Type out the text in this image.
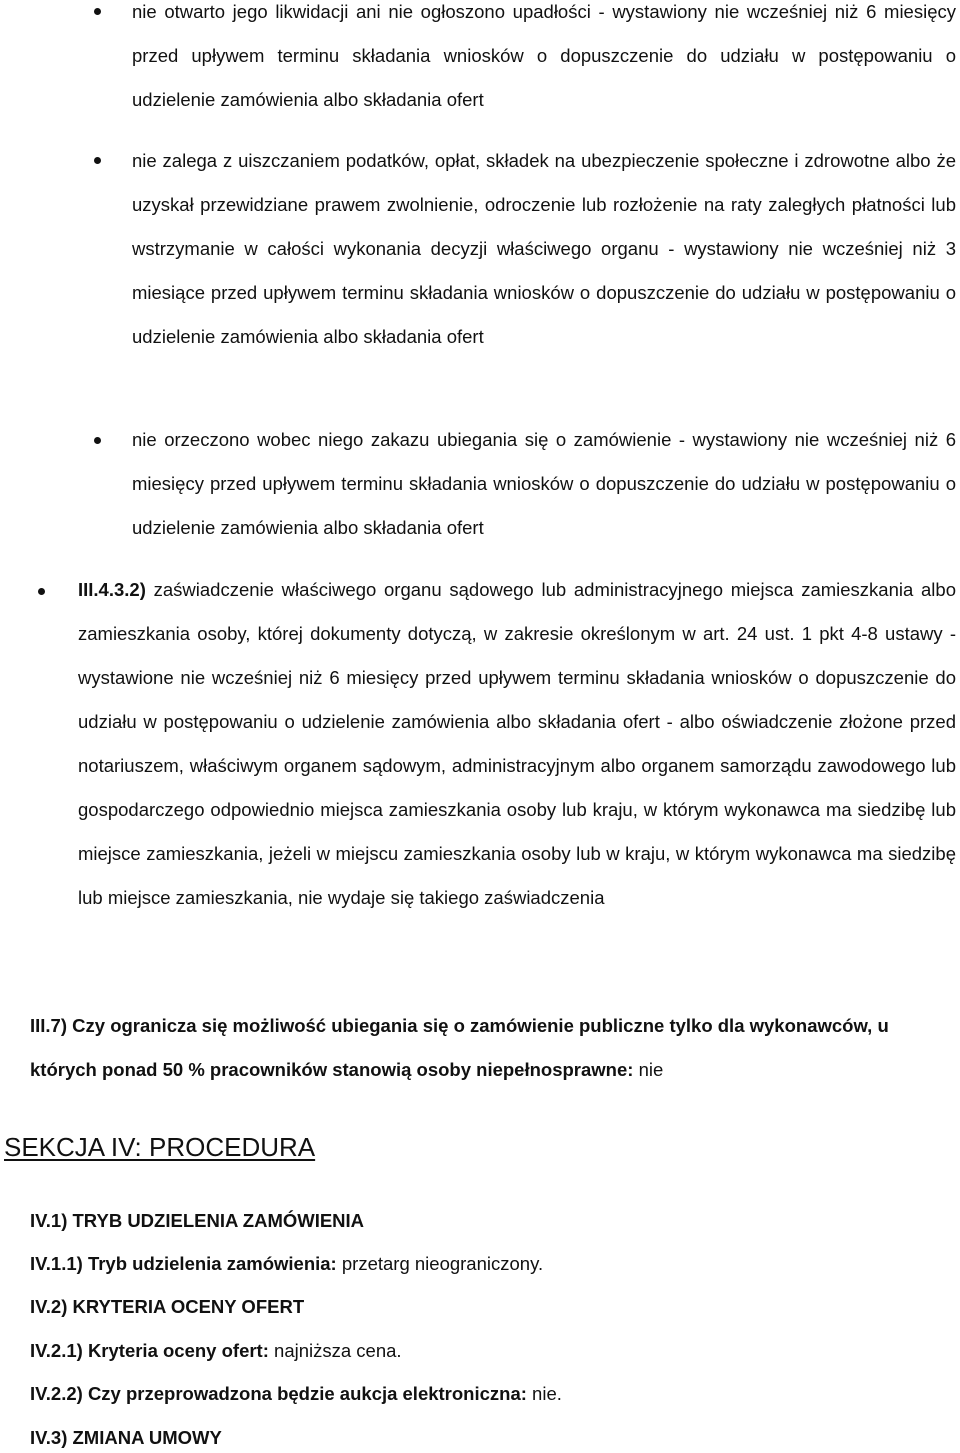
nie otwarto jego likwidacji ani nie ogłoszono upadłości - wystawiony nie wcześniej niż 6 miesięcy przed upływem terminu składania wniosków o dopuszczenie do udziału w postępowaniu o udzielenie zamówienia albo składania ofert

nie zalega z uiszczaniem podatków, opłat, składek na ubezpieczenie społeczne i zdrowotne albo że uzyskał przewidziane prawem zwolnienie, odroczenie lub rozłożenie na raty zaległych płatności lub wstrzymanie w całości wykonania decyzji właściwego organu - wystawiony nie wcześniej niż 3 miesiące przed upływem terminu składania wniosków o dopuszczenie do udziału w postępowaniu o udzielenie zamówienia albo składania ofert

nie orzeczono wobec niego zakazu ubiegania się o zamówienie - wystawiony nie wcześniej niż 6 miesięcy przed upływem terminu składania wniosków o dopuszczenie do udziału w postępowaniu o udzielenie zamówienia albo składania ofert

III.4.3.2) zaświadczenie właściwego organu sądowego lub administracyjnego miejsca zamieszkania albo zamieszkania osoby, której dokumenty dotyczą, w zakresie określonym w art. 24 ust. 1 pkt 4-8 ustawy - wystawione nie wcześniej niż 6 miesięcy przed upływem terminu składania wniosków o dopuszczenie do udziału w postępowaniu o udzielenie zamówienia albo składania ofert - albo oświadczenie złożone przed notariuszem, właściwym organem sądowym, administracyjnym albo organem samorządu zawodowego lub gospodarczego odpowiednio miejsca zamieszkania osoby lub kraju, w którym wykonawca ma siedzibę lub miejsce zamieszkania, jeżeli w miejscu zamieszkania osoby lub w kraju, w którym wykonawca ma siedzibę lub miejsce zamieszkania, nie wydaje się takiego zaświadczenia

III.7) Czy ogranicza się możliwość ubiegania się o zamówienie publiczne tylko dla wykonawców, u których ponad 50 % pracowników stanowią osoby niepełnosprawne: nie

SEKCJA IV: PROCEDURA

IV.1) TRYB UDZIELENIA ZAMÓWIENIA

IV.1.1) Tryb udzielenia zamówienia: przetarg nieograniczony.

IV.2) KRYTERIA OCENY OFERT

IV.2.1) Kryteria oceny ofert: najniższa cena.

IV.2.2) Czy przeprowadzona będzie aukcja elektroniczna: nie.

IV.3) ZMIANA UMOWY
